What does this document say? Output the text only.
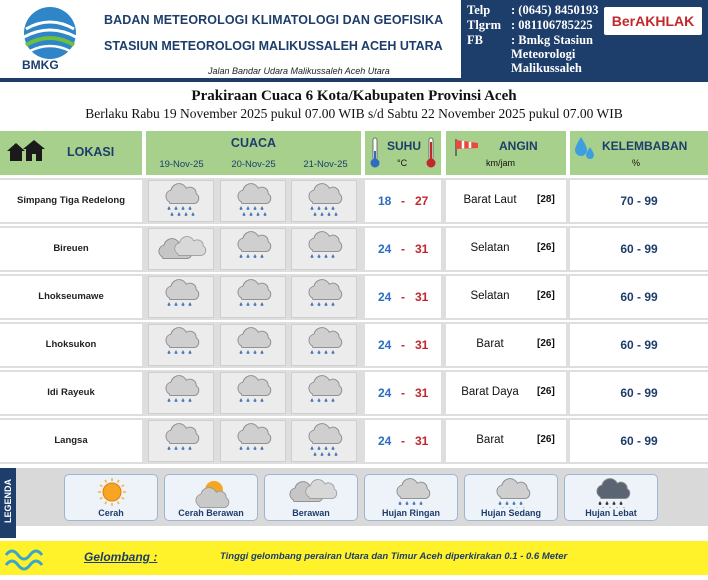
BMKG
BADAN METEOROLOGI KLIMATOLOGI DAN GEOFISIKA
STASIUN METEOROLOGI MALIKUSSALEH ACEH UTARA
Jalan Bandar Udara Malikussaleh Aceh Utara
Telp : (0645) 8450193
Tlgrm : 081106785225
FB : Bmkg Stasiun
Meteorologi
Malikussaleh
BerAKHLAK
Prakiraan Cuaca 6 Kota/Kabupaten Provinsi Aceh
Berlaku Rabu 19 November 2025 pukul 07.00 WIB s/d Sabtu 22 November 2025 pukul 07.00 WIB
LOKASI
CUACA
19-Nov-25	20-Nov-25	21-Nov-25
SUHU
°C
ANGIN
km/jam
KELEMBABAN
%
Simpang Tiga Redelong	18 - 27	Barat Laut	[28]	70 - 99
Bireuen	24 - 31	Selatan	[26]	60 - 99
Lhokseumawe	24 - 31	Selatan	[26]	60 - 99
Lhoksukon	24 - 31	Barat	[26]	60 - 99
Idi Rayeuk	24 - 31	Barat Daya	[26]	60 - 99
Langsa	24 - 31	Barat	[26]	60 - 99
LEGENDA	Cerah	Cerah Berawan	Berawan	Hujan Ringan	Hujan Sedang	Hujan Lebat
Gelombang :	Tinggi gelombang perairan Utara dan Timur Aceh diperkirakan 0.1 - 0.6 Meter
